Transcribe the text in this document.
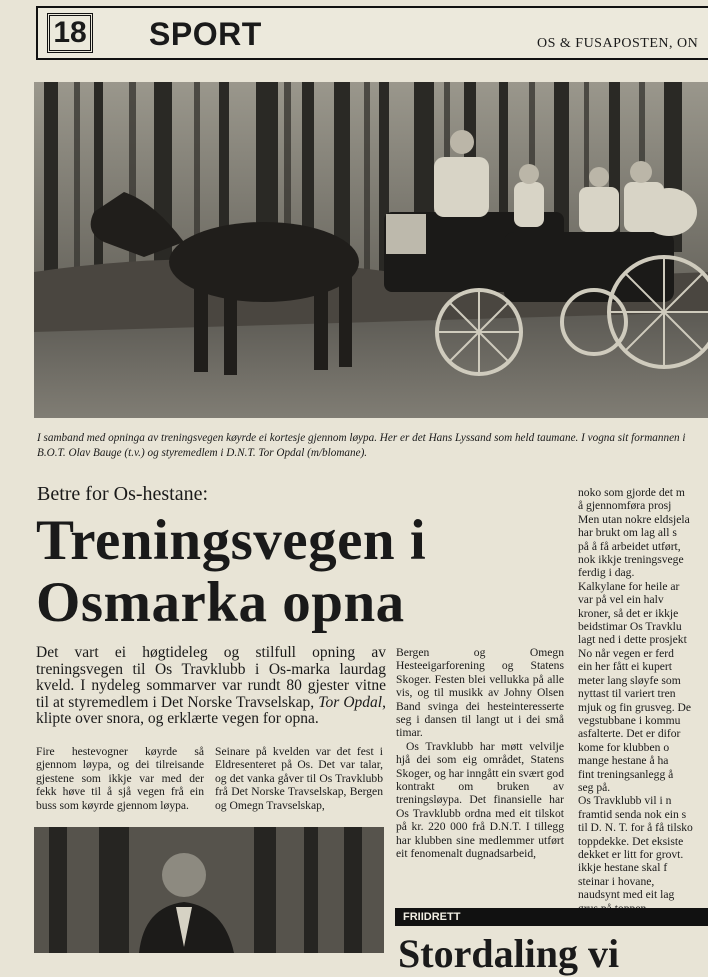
18 SPORT	OS & FUSAPOSTEN, ON
I samband med opninga av treningsvegen køyrde ei kortesje gjennom løypa. Her er det Hans Lyssand som held taumane. I vogna sit formannen i B.O.T. Olav Bauge (t.v.) og styremedlem i D.N.T. Tor Opdal (m/blomane).
Betre for Os-hestane:
Treningsvegen i
Osmarka opna
Det vart ei høgtideleg og stilfull opning av treningsvegen til Os Travklubb i Os-marka laurdag kveld. I nydeleg sommarver var rundt 80 gjester vitne til at styremedlem i Det Norske Travselskap, Tor Opdal, klipte over snora, og erklærte vegen for opna.

Fire hestevogner køyrde så gjennom løypa, og dei tilreisande gjestene som ikkje var med der fekk høve til å sjå vegen frå ein buss som køyrde gjennom løypa.

Seinare på kvelden var det fest i Eldresenteret på Os. Det var talar, og det vanka gåver til Os Travklubb frå Det Norske Travselskap, Bergen og Omegn Travselskap,

Bergen og Omegn Hesteeigarforening og Statens Skoger. Festen blei vellukka på alle vis, og til musikk av Johny Olsen Band svinga dei hesteinteresserte seg i dansen til langt ut i dei små timar.

Os Travklubb har møtt velvilje hjå dei som eig området, Statens Skoger, og har inngått ein svært god kontrakt om bruken av treningsløypa. Det finansielle har Os Travklubb ordna med eit tilskot på kr. 220 000 frå D.N.T. I tillegg har klubben sine medlemmer utført eit fenomenalt dugnadsarbeid,

noko som gjorde det m

å gjennomføra prosj

Men utan nokre eldsjela

har brukt om lag all s

på å få arbeidet utført,

nok ikkje treningsvege

ferdig i dag.

Kalkylane for heile ar

var på vel ein halv

kroner, så det er ikkje

beidstimar Os Travklu

lagt ned i dette prosjekt

No når vegen er ferd

ein her fått ei kupert

meter lang sløyfe som

nyttast til variert tren

mjuk og fin grusveg. De

vegstubbane i kommu

asfalterte. Det er difor

kome for klubben o

mange hestane å ha

fint treningsanlegg å

seg på.

Os Travklubb vil i n

framtid senda nok ein s

til D. N. T. for å få tilsko

toppdekke. Det eksiste

dekket er litt for grovt.

ikkje hestane skal f

steinar i hovane,

naudsynt med eit lag

FRIIDRETT
Stordaling vi
